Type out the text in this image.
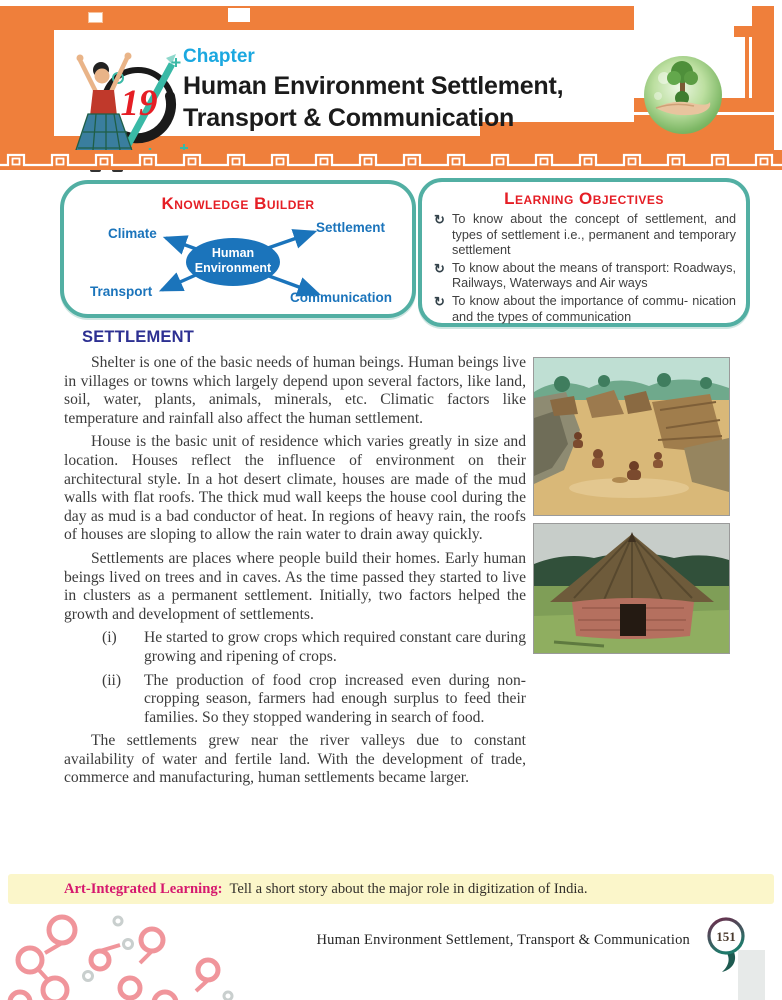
Chapter
19 Human Environment Settlement,
Transport & Communication
Knowledge Builder
Climate	Settlement
Transport	Communication
Human
Environment
Learning Objectives
↻ To know about the concept of settlement, and types of settlement i.e., permanent and temporary settlement
↻ To know about the means of transport: Roadways, Railways, Waterways and Air ways
↻ To know about the importance of commu- nication and the types of communication
SETTLEMENT

Shelter is one of the basic needs of human beings. Human beings live in villages or towns which largely depend upon several factors, like land, soil, water, plants, animals, minerals, etc. Climatic factors like temperature and rainfall also affect the human settlement.

House is the basic unit of residence which varies greatly in size and location. Houses reflect the influence of environment on their architectural style. In a hot desert climate, houses are made of the mud walls with flat roofs. The thick mud wall keeps the house cool during the day as mud is a bad conductor of heat. In regions of heavy rain, the roofs of houses are sloping to allow the rain water to drain away quickly.

Settlements are places where people build their homes. Early human beings lived on trees and in caves. As the time passed they started to live in clusters as a permanent settlement. Initially, two factors helped the growth and development of settlements.

(i)	He started to grow crops which required constant care during growing and ripening of crops.
(ii)	The production of food crop increased even during non-cropping season, farmers had enough surplus to feed their families. So they stopped wandering in search of food.

The settlements grew near the river valleys due to constant availability of water and fertile land. With the development of trade, commerce and manufacturing, human settlements became larger.

Art-Integrated Learning: Tell a short story about the major role in digitization of India.
Human Environment Settlement, Transport & Communication 151
